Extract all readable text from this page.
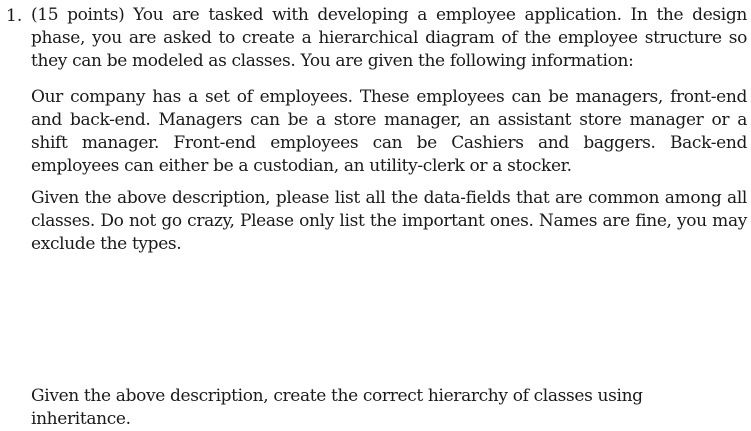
1. (15 points) You are tasked with developing a employee application. In the design phase, you are asked to create a hierarchical diagram of the employee structure so they can be modeled as classes. You are given the following information:

Our company has a set of employees. These employees can be managers, front-end and back-end. Managers can be a store manager, an assistant store manager or a shift manager. Front-end employees can be Cashiers and baggers. Back-end employees can either be a custodian, an utility-clerk or a stocker.

Given the above description, please list all the data-fields that are common among all classes. Do not go crazy, Please only list the important ones. Names are fine, you may exclude the types.

Given the above description, create the correct hierarchy of classes using inheritance.
